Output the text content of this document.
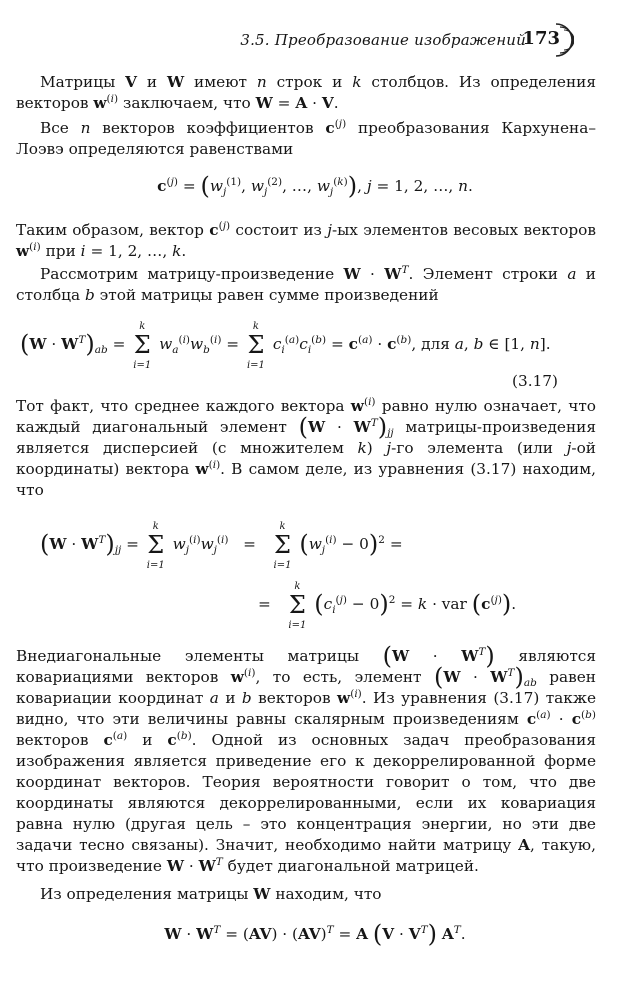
3.5. Преобразование изображений
173

Матрицы V и W имеют n строк и k столбцов. Из определения векторов $w^{(i)}$ заключаем, что W = A · V.

Все n векторов коэффициентов $c^{(j)}$ преобразования Кархунена–Лоэвэ определяются равенствами

$c^{(j)} = (w_j^{(1)}$, $w_j^{(2)}$, …, $w_j^{(k)}$), j = 1, 2, …, n.

Таким образом, вектор $c^{(j)}$ состоит из j-ых элементов весовых векторов $w^{(i)}$ при i = 1, 2, …, k.

Рассмотрим матрицу-произведение $W \cdot W^T$. Элемент строки a и столбца b этой матрицы равен сумме произведений

$(W \cdot W^T)_{ab} = k$
Σ
i=1 $w_a^{(i)}w_b^{(i)} = k$
Σ
i=1 $c_i^{(a)}c_i^{(b)} = c^{(a)} \cdot c^{(b)}$, для a, b ∈ [1, n].
(3.17)

Тот факт, что среднее каждого вектора $w^{(i)}$ равно нулю означает, что каждый диагональный элемент $(W \cdot W^T)_{jj}$ матрицы-произведения является дисперсией (с множителем k) j-го элемента (или j-ой координаты) вектора $w^{(i)}$. В самом деле, из уравнения (3.17) находим, что

$(W \cdot W^T)_{jj} = k$
Σ
i=1 $w_j^{(i)}w_j^{(i)} = k$
Σ
i=1 $(w_j^{(i)} - 0)^2$ =
=   k
Σ
i=1 $(c_i^{(j)} - 0)^2 = k$ · var $(c^{(j)})$.

Внедиагональные элементы матрицы $(W \cdot W^T)$ являются ковариациями векторов $w^{(i)}$, то есть, элемент $(W \cdot W^T)_{ab}$ равен ковариации координат a и b векторов $w^{(i)}$. Из уравнения (3.17) также видно, что эти величины равны скалярным произведениям $c^{(a)} \cdot c^{(b)}$ векторов $c^{(a)}$ и $c^{(b)}$. Одной из основных задач преобразования изображения является приведение его к декоррелированной форме координат векторов. Теория вероятности говорит о том, что две координаты являются декоррелированными, если их ковариация равна нулю (другая цель – это концентрация энергии, но эти две задачи тесно связаны). Значит, необходимо найти матрицу A, такую, что произведение $W \cdot W^T$ будет диагональной матрицей.

Из определения матрицы W находим, что

$W \cdot W^T = (AV) \cdot (AV)^T = A$ $(V \cdot V^T)$ $A^T$.
